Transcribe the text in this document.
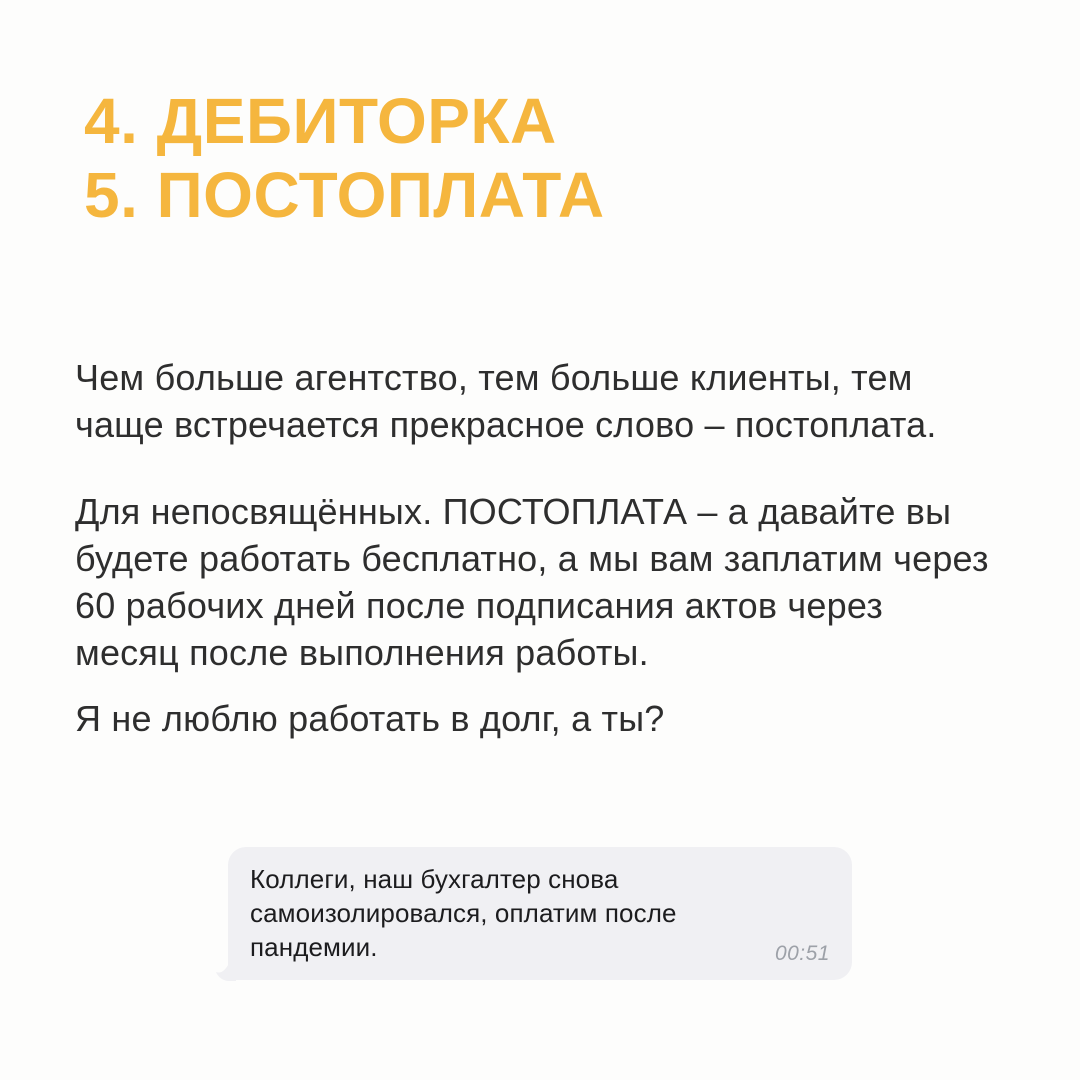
4. ДЕБИТОРКА
5. ПОСТОПЛАТА

Чем больше агентство, тем больше клиенты, тем чаще встречается прекрасное слово – постоплата.

Для непосвящённых. ПОСТОПЛАТА – а давайте вы будете работать бесплатно, а мы вам заплатим через 60 рабочих дней после подписания актов через месяц после выполнения работы.

Я не люблю работать в долг, а ты?

Коллеги, наш бухгалтер снова самоизолировался, оплатим после пандемии.	00:51
